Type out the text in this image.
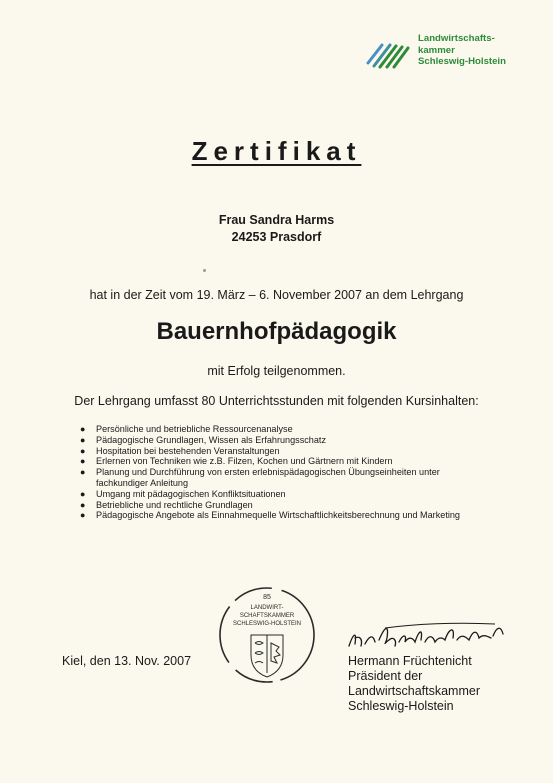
Landwirtschafts-
kammer
Schleswig-Holstein
Zertifikat
Frau Sandra Harms
24253 Prasdorf
hat in der Zeit vom 19. März – 6. November 2007 an dem Lehrgang
Bauernhofpädagogik
mit Erfolg teilgenommen.
Der Lehrgang umfasst 80 Unterrichtsstunden mit folgenden Kursinhalten:
● Persönliche und betriebliche Ressourcenanalyse
● Pädagogische Grundlagen, Wissen als Erfahrungsschatz
● Hospitation bei bestehenden Veranstaltungen
● Erlernen von Techniken wie z.B. Filzen, Kochen und Gärtnern mit Kindern
● Planung und Durchführung von ersten erlebnispädagogischen Übungseinheiten unter fachkundiger Anleitung
● Umgang mit pädagogischen Konfliktsituationen
● Betriebliche und rechtliche Grundlagen
● Pädagogische Angebote als Einnahmequelle Wirtschaftlichkeitsberechnung und Marketing
Kiel, den 13. Nov. 2007
85
LANDWIRT-
SCHAFTSKAMMER
SCHLESWIG-HOLSTEIN
Hermann Früchtenicht
Präsident der
Landwirtschaftskammer
Schleswig-Holstein
